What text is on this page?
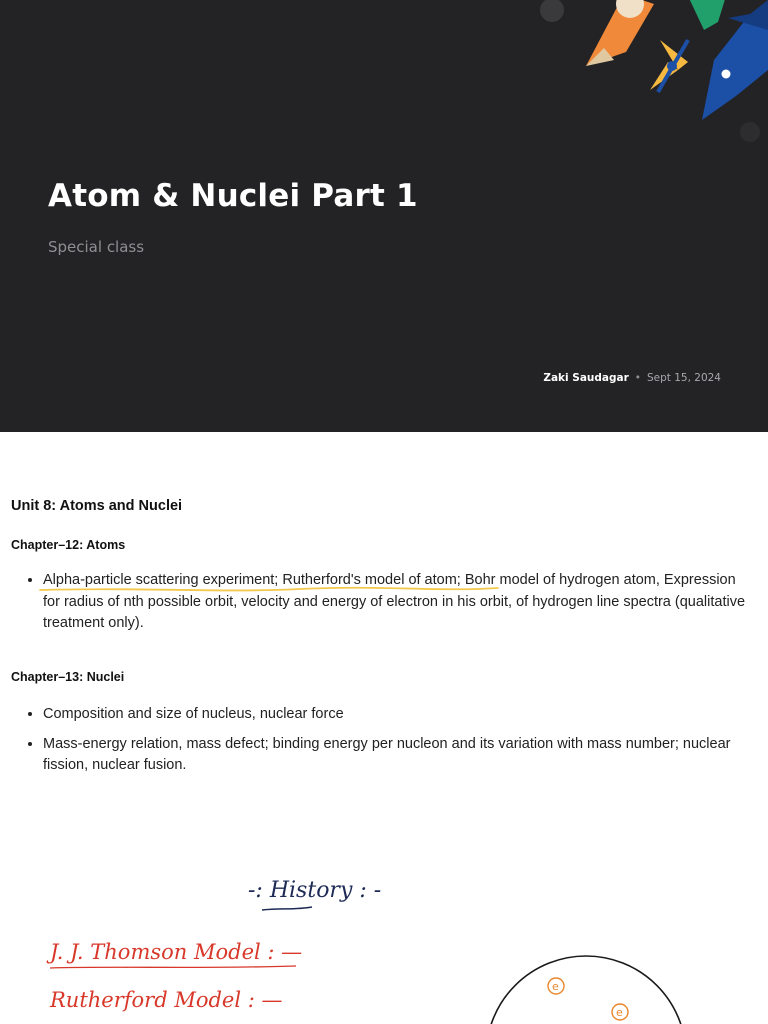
Atom & Nuclei Part 1
Special class
Zaki Saudagar • Sept 15, 2024
Unit 8: Atoms and Nuclei
Chapter–12: Atoms
• Alpha-particle scattering experiment; Rutherford's model of atom; Bohr model of hydrogen atom, Expression for radius of nth possible orbit, velocity and energy of electron in his orbit, of hydrogen line spectra (qualitative treatment only).
Chapter–13: Nuclei
• Composition and size of nucleus, nuclear force
• Mass-energy relation, mass defect; binding energy per nucleon and its variation with mass number; nuclear fission, nuclear fusion.
-: History : -
J. J. Thomson Model : —
Rutherford Model : —
e
e
